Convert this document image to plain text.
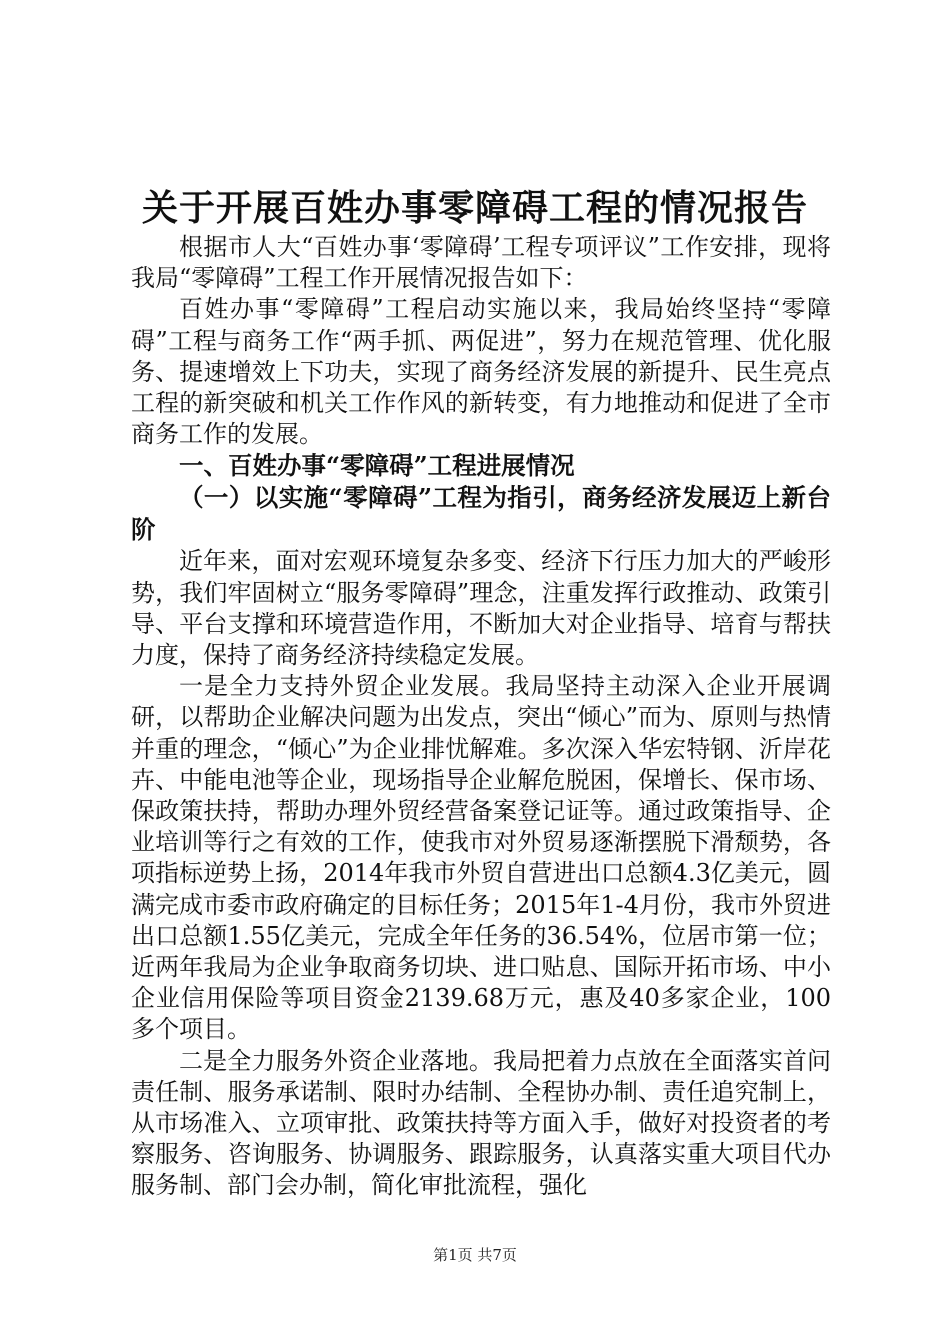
关于开展百姓办事零障碍工程的情况报告

根据市人大“百姓办事‘零障碍’工程专项评议”工作安排，现将我局“零障碍”工程工作开展情况报告如下：

百姓办事“零障碍”工程启动实施以来，我局始终坚持“零障碍”工程与商务工作“两手抓、两促进”，努力在规范管理、优化服务、提速增效上下功夫，实现了商务经济发展的新提升、民生亮点工程的新突破和机关工作作风的新转变，有力地推动和促进了全市商务工作的发展。

一、百姓办事“零障碍”工程进展情况

（一）以实施“零障碍”工程为指引，商务经济发展迈上新台阶

近年来，面对宏观环境复杂多变、经济下行压力加大的严峻形势，我们牢固树立“服务零障碍”理念，注重发挥行政推动、政策引导、平台支撑和环境营造作用，不断加大对企业指导、培育与帮扶力度，保持了商务经济持续稳定发展。

一是全力支持外贸企业发展。我局坚持主动深入企业开展调研，以帮助企业解决问题为出发点，突出“倾心”而为、原则与热情并重的理念，“倾心”为企业排忧解难。多次深入华宏特钢、沂岸花卉、中能电池等企业，现场指导企业解危脱困，保增长、保市场、保政策扶持，帮助办理外贸经营备案登记证等。通过政策指导、企业培训等行之有效的工作，使我市对外贸易逐渐摆脱下滑颓势，各项指标逆势上扬，2014年我市外贸自营进出口总额4.3亿美元，圆满完成市委市政府确定的目标任务；2015年1-4月份，我市外贸进出口总额1.55亿美元，完成全年任务的36.54%，位居市第一位；近两年我局为企业争取商务切块、进口贴息、国际开拓市场、中小企业信用保险等项目资金2139.68万元，惠及40多家企业，100多个项目。

二是全力服务外资企业落地。我局把着力点放在全面落实首问责任制、服务承诺制、限时办结制、全程协办制、责任追究制上，从市场准入、立项审批、政策扶持等方面入手，做好对投资者的考察服务、咨询服务、协调服务、跟踪服务，认真落实重大项目代办服务制、部门会办制，简化审批流程，强化

第1页 共7页
